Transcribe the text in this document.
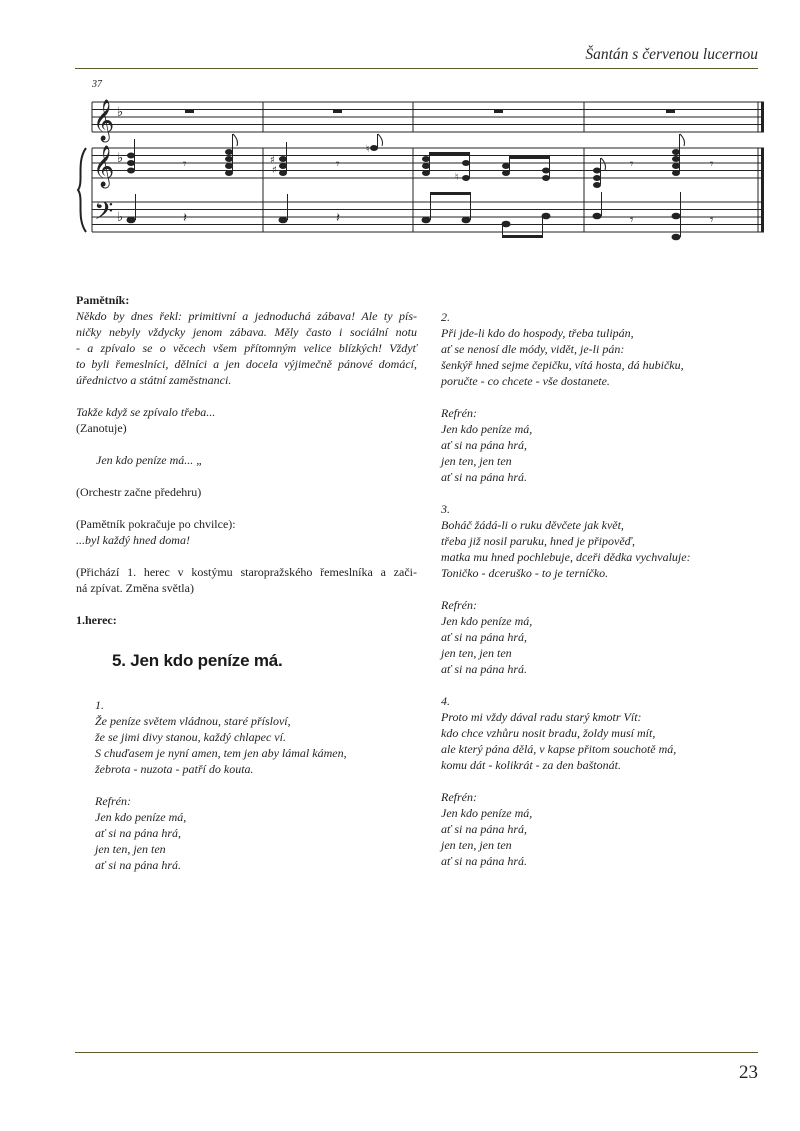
Šantán s červenou lucernou
37
𝄞
𝄞
𝄢
♭
♭
♭
𝄾	𝄾	𝄾	𝄾
𝄽	𝄽	𝄾	𝄾
♯
♯
♮
♮
Pamětník:
Někdo by dnes řekl: primitivní a jednoduchá zábava! Ale ty pís-
ničky nebyly vždycky jenom zábava. Měly často i sociální notu
- a zpívalo se o věcech všem přítomným velice blízkých! Vždyť
to byli řemeslníci, dělníci a jen docela výjimečně pánové domácí,
úřednictvo a státní zaměstnanci.
Takže když se zpívalo třeba...
(Zanotuje)
Jen kdo peníze má... „
(Orchestr začne předehru)
(Pamětník pokračuje po chvilce):
...byl každý hned doma!
(Přichází 1. herec v kostýmu staropražského řemeslníka a zači-
ná zpívat. Změna světla)
1.herec:
5. Jen kdo peníze má.
1.
Že peníze světem vládnou, staré přísloví,
že se jimi divy stanou, každý chlapec ví.
S chuďasem je nyní amen, tem jen aby lámal kámen,
žebrota - nuzota - patří do kouta.
Refrén:
Jen kdo peníze má,
ať si na pána hrá,
jen ten, jen ten
ať si na pána hrá.
2.
Při jde-li kdo do hospody, třeba tulipán,
ať se nenosí dle módy, vidět, je-li pán:
šenkýř hned sejme čepičku, vítá hosta, dá hubičku,
poručte - co chcete - vše dostanete.
Refrén:
Jen kdo peníze má,
ať si na pána hrá,
jen ten, jen ten
ať si na pána hrá.
3.
Boháč žádá-li o ruku děvčete jak květ,
třeba již nosil paruku, hned je připověď,
matka mu hned pochlebuje, dceři dědka vychvaluje:
Toničko - dceruško - to je terníčko.
Refrén:
Jen kdo peníze má,
ať si na pána hrá,
jen ten, jen ten
ať si na pána hrá.
4.
Proto mi vždy dával radu starý kmotr Vít:
kdo chce vzhůru nosit bradu, žoldy musí mít,
ale který pána dělá, v kapse přitom souchotě má,
komu dát - kolikrát - za den baštonát.
Refrén:
Jen kdo peníze má,
ať si na pána hrá,
jen ten, jen ten
ať si na pána hrá.
23
